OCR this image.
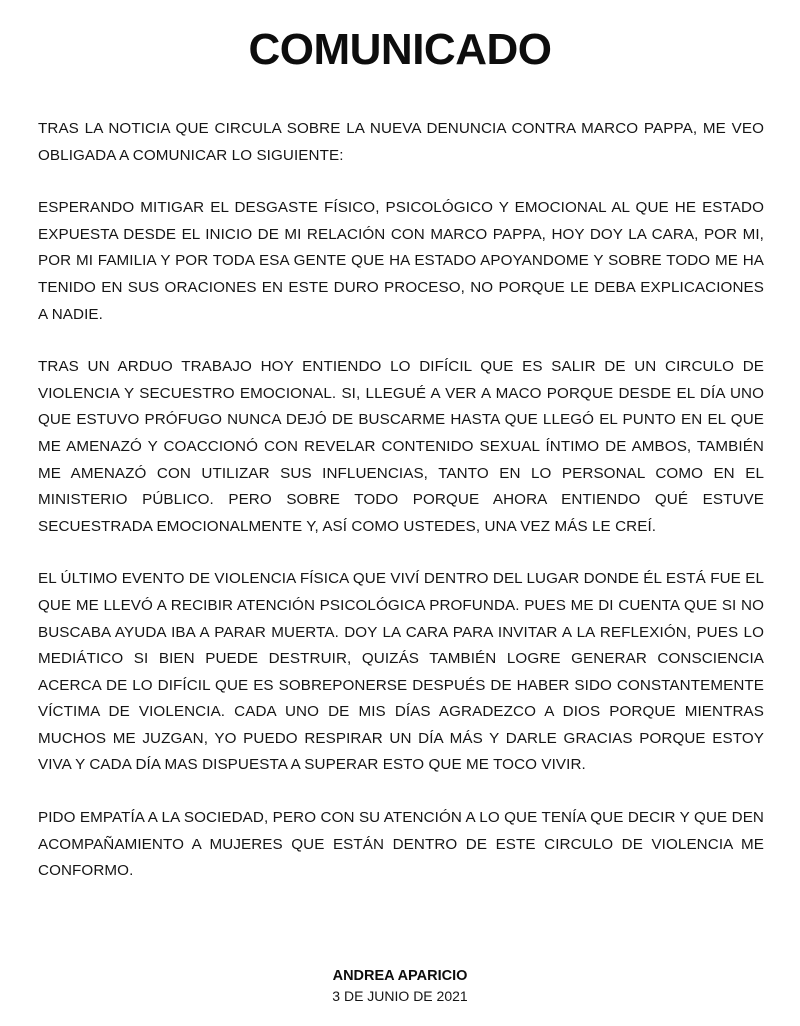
COMUNICADO

TRAS LA NOTICIA QUE CIRCULA SOBRE LA NUEVA DENUNCIA CONTRA MARCO PAPPA, ME VEO OBLIGADA A COMUNICAR LO SIGUIENTE:

ESPERANDO MITIGAR EL DESGASTE FÍSICO, PSICOLÓGICO Y EMOCIONAL AL QUE HE ESTADO EXPUESTA DESDE EL INICIO DE MI RELACIÓN CON MARCO PAPPA, HOY DOY LA CARA, POR MI, POR MI FAMILIA Y POR TODA ESA GENTE QUE HA ESTADO APOYANDOME Y SOBRE TODO ME HA TENIDO EN SUS ORACIONES EN ESTE DURO PROCESO, NO PORQUE LE DEBA EXPLICACIONES A NADIE.

TRAS UN ARDUO TRABAJO HOY ENTIENDO LO DIFÍCIL QUE ES SALIR DE UN CIRCULO DE VIOLENCIA Y SECUESTRO EMOCIONAL. SI, LLEGUÉ A VER A MACO PORQUE DESDE EL DÍA UNO QUE ESTUVO PRÓFUGO NUNCA DEJÓ DE BUSCARME HASTA QUE LLEGÓ EL PUNTO EN EL QUE ME AMENAZÓ Y COACCIONÓ CON REVELAR CONTENIDO SEXUAL ÍNTIMO DE AMBOS, TAMBIÉN ME AMENAZÓ CON UTILIZAR SUS INFLUENCIAS, TANTO EN LO PERSONAL COMO EN EL MINISTERIO PÚBLICO. PERO SOBRE TODO PORQUE AHORA ENTIENDO QUÉ ESTUVE SECUESTRADA EMOCIONALMENTE Y, ASÍ COMO USTEDES, UNA VEZ MÁS LE CREÍ.

EL ÚLTIMO EVENTO DE VIOLENCIA FÍSICA QUE VIVÍ DENTRO DEL LUGAR DONDE ÉL ESTÁ FUE EL QUE ME LLEVÓ A RECIBIR ATENCIÓN PSICOLÓGICA PROFUNDA. PUES ME DI CUENTA QUE SI NO BUSCABA AYUDA IBA A PARAR MUERTA. DOY LA CARA PARA INVITAR A LA REFLEXIÓN, PUES LO MEDIÁTICO SI BIEN PUEDE DESTRUIR, QUIZÁS TAMBIÉN LOGRE GENERAR CONSCIENCIA ACERCA DE LO DIFÍCIL QUE ES SOBREPONERSE DESPUÉS DE HABER SIDO CONSTANTEMENTE VÍCTIMA DE VIOLENCIA. CADA UNO DE MIS DÍAS AGRADEZCO A DIOS PORQUE MIENTRAS MUCHOS ME JUZGAN, YO PUEDO RESPIRAR UN DÍA MÁS Y DARLE GRACIAS PORQUE ESTOY VIVA Y CADA DÍA MAS DISPUESTA A SUPERAR ESTO QUE ME TOCO VIVIR.

PIDO EMPATÍA A LA SOCIEDAD, PERO CON SU ATENCIÓN A LO QUE TENÍA QUE DECIR Y QUE DEN ACOMPAÑAMIENTO A MUJERES QUE ESTÁN DENTRO DE ESTE CIRCULO DE VIOLENCIA ME CONFORMO.

ANDREA APARICIO
3 DE JUNIO DE 2021
